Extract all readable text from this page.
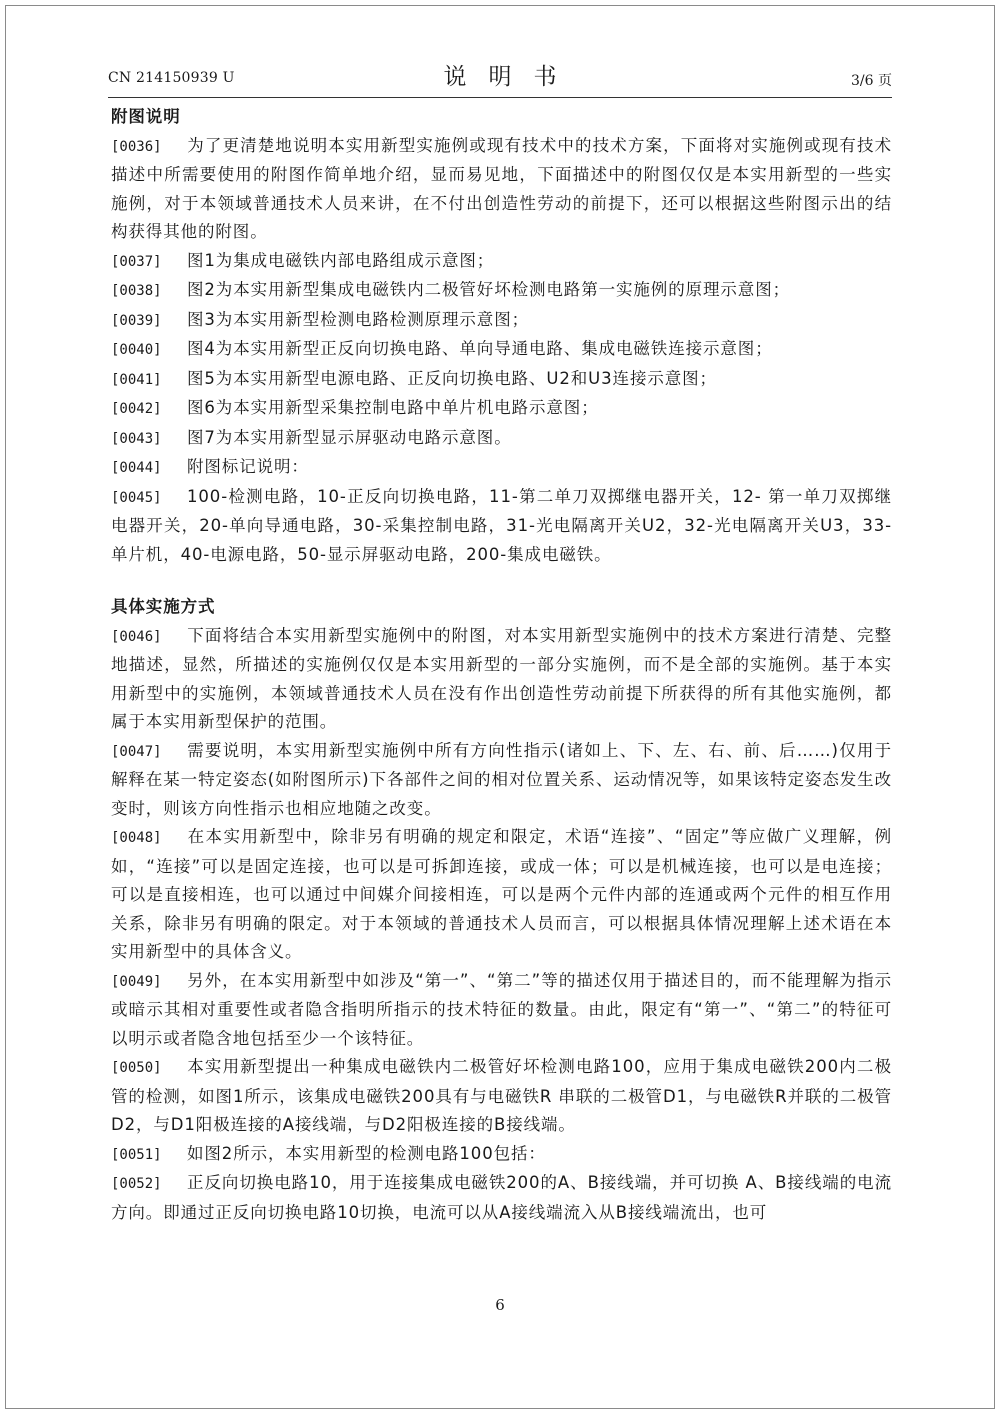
CN 214150939 U	说明书	3/6 页
附图说明

[0036] 为了更清楚地说明本实用新型实施例或现有技术中的技术方案，下面将对实施例或现有技术描述中所需要使用的附图作简单地介绍，显而易见地，下面描述中的附图仅仅是本实用新型的一些实施例，对于本领域普通技术人员来讲，在不付出创造性劳动的前提下，还可以根据这些附图示出的结构获得其他的附图。

[0037] 图1为集成电磁铁内部电路组成示意图；

[0038] 图2为本实用新型集成电磁铁内二极管好坏检测电路第一实施例的原理示意图；

[0039] 图3为本实用新型检测电路检测原理示意图；

[0040] 图4为本实用新型正反向切换电路、单向导通电路、集成电磁铁连接示意图；

[0041] 图5为本实用新型电源电路、正反向切换电路、U2和U3连接示意图；

[0042] 图6为本实用新型采集控制电路中单片机电路示意图；

[0043] 图7为本实用新型显示屏驱动电路示意图。

[0044] 附图标记说明：

[0045] 100-检测电路，10-正反向切换电路，11-第二单刀双掷继电器开关，12- 第一单刀双掷继电器开关，20-单向导通电路，30-采集控制电路，31-光电隔离开关U2，32-光电隔离开关U3，33-单片机，40-电源电路，50-显示屏驱动电路，200-集成电磁铁。

具体实施方式

[0046] 下面将结合本实用新型实施例中的附图，对本实用新型实施例中的技术方案进行清楚、完整地描述，显然，所描述的实施例仅仅是本实用新型的一部分实施例，而不是全部的实施例。基于本实用新型中的实施例，本领域普通技术人员在没有作出创造性劳动前提下所获得的所有其他实施例，都属于本实用新型保护的范围。

[0047] 需要说明，本实用新型实施例中所有方向性指示(诸如上、下、左、右、前、后……)仅用于解释在某一特定姿态(如附图所示)下各部件之间的相对位置关系、运动情况等，如果该特定姿态发生改变时，则该方向性指示也相应地随之改变。

[0048] 在本实用新型中，除非另有明确的规定和限定，术语“连接”、“固定”等应做广义理解，例如，“连接”可以是固定连接，也可以是可拆卸连接，或成一体；可以是机械连接，也可以是电连接；可以是直接相连，也可以通过中间媒介间接相连，可以是两个元件内部的连通或两个元件的相互作用关系，除非另有明确的限定。对于本领域的普通技术人员而言，可以根据具体情况理解上述术语在本实用新型中的具体含义。

[0049] 另外，在本实用新型中如涉及“第一”、“第二”等的描述仅用于描述目的，而不能理解为指示或暗示其相对重要性或者隐含指明所指示的技术特征的数量。由此，限定有“第一”、“第二”的特征可以明示或者隐含地包括至少一个该特征。

[0050] 本实用新型提出一种集成电磁铁内二极管好坏检测电路100，应用于集成电磁铁200内二极管的检测，如图1所示，该集成电磁铁200具有与电磁铁R 串联的二极管D1，与电磁铁R并联的二极管D2，与D1阳极连接的A接线端，与D2阳极连接的B接线端。

[0051] 如图2所示，本实用新型的检测电路100包括：

[0052] 正反向切换电路10，用于连接集成电磁铁200的A、B接线端，并可切换 A、B接线端的电流方向。即通过正反向切换电路10切换，电流可以从A接线端流入从B接线端流出，也可

6
